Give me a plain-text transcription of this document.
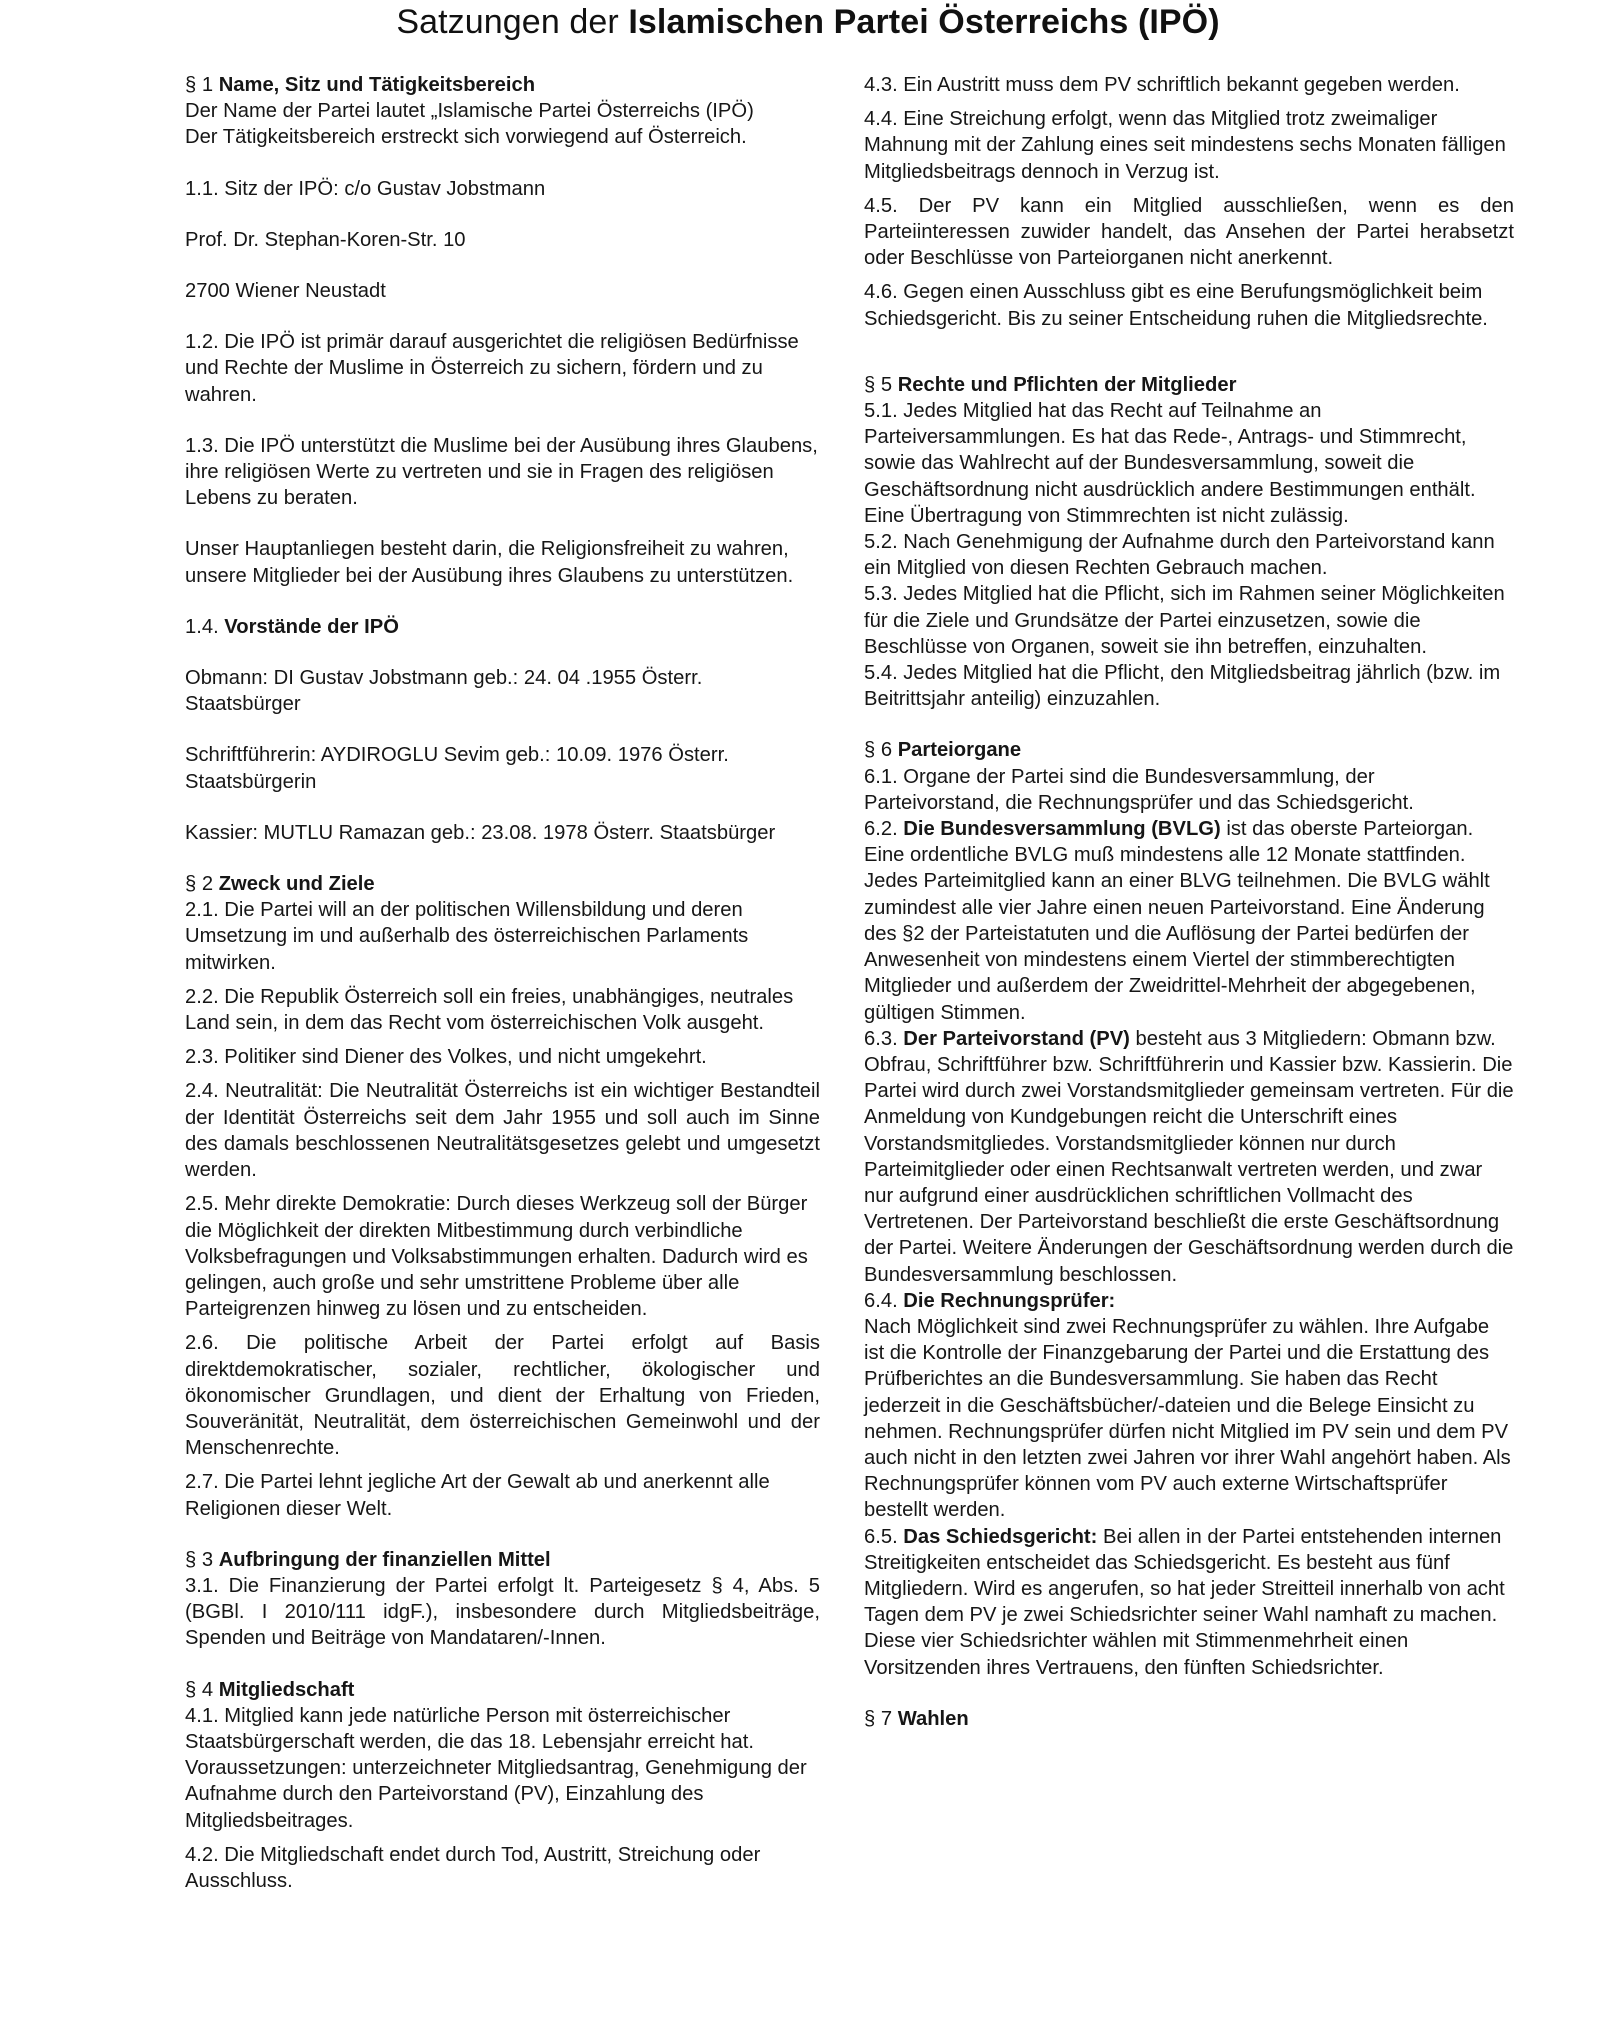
Satzungen der Islamischen Partei Österreichs (IPÖ)

§ 1 Name, Sitz und Tätigkeitsbereich

Der Name der Partei lautet „Islamische Partei Österreichs (IPÖ)

Der Tätigkeitsbereich erstreckt sich vorwiegend auf Österreich.

1.1. Sitz der IPÖ: c/o Gustav Jobstmann

Prof. Dr. Stephan-Koren-Str. 10

2700 Wiener Neustadt

1.2. Die IPÖ ist primär darauf ausgerichtet die religiösen Bedürfnisse und Rechte der Muslime in Österreich zu sichern, fördern und zu wahren.

1.3. Die IPÖ unterstützt die Muslime bei der Ausübung ihres Glaubens, ihre religiösen Werte zu vertreten und sie in Fragen des religiösen Lebens zu beraten.

Unser Hauptanliegen besteht darin, die Religionsfreiheit zu wahren, unsere Mitglieder bei der Ausübung ihres Glaubens zu unterstützen.

1.4. Vorstände der IPÖ

Obmann: DI Gustav Jobstmann geb.: 24. 04 .1955 Österr. Staatsbürger

Schriftführerin: AYDIROGLU Sevim geb.: 10.09. 1976 Österr. Staatsbürgerin

Kassier: MUTLU Ramazan geb.: 23.08. 1978 Österr. Staatsbürger

§ 2 Zweck und Ziele

2.1. Die Partei will an der politischen Willensbildung und deren Umsetzung im und außerhalb des österreichischen Parlaments mitwirken.

2.2. Die Republik Österreich soll ein freies, unabhängiges, neutrales Land sein, in dem das Recht vom österreichischen Volk ausgeht.

2.3. Politiker sind Diener des Volkes, und nicht umgekehrt.

2.4. Neutralität: Die Neutralität Österreichs ist ein wichtiger Bestandteil der Identität Österreichs seit dem Jahr 1955 und soll auch im Sinne des damals beschlossenen Neutralitätsgesetzes gelebt und umgesetzt werden.

2.5. Mehr direkte Demokratie: Durch dieses Werkzeug soll der Bürger die Möglichkeit der direkten Mitbestimmung durch verbindliche Volksbefragungen und Volksabstimmungen erhalten. Dadurch wird es gelingen, auch große und sehr umstrittene Probleme über alle Parteigrenzen hinweg zu lösen und zu entscheiden.

2.6. Die politische Arbeit der Partei erfolgt auf Basis direktdemokratischer, sozialer, rechtlicher, ökologischer und ökonomischer Grundlagen, und dient der Erhaltung von Frieden, Souveränität, Neutralität, dem österreichischen Gemeinwohl und der Menschenrechte.

2.7. Die Partei lehnt jegliche Art der Gewalt ab und anerkennt alle Religionen dieser Welt.

§ 3 Aufbringung der finanziellen Mittel

3.1. Die Finanzierung der Partei erfolgt lt. Parteigesetz § 4, Abs. 5 (BGBl. I 2010/111 idgF.), insbesondere durch Mitgliedsbeiträge, Spenden und Beiträge von Mandataren/-Innen.

§ 4 Mitgliedschaft

4.1. Mitglied kann jede natürliche Person mit österreichischer Staatsbürgerschaft werden, die das 18. Lebensjahr erreicht hat. Voraussetzungen: unterzeichneter Mitgliedsantrag, Genehmigung der Aufnahme durch den Parteivorstand (PV), Einzahlung des Mitgliedsbeitrages.

4.2. Die Mitgliedschaft endet durch Tod, Austritt, Streichung oder Ausschluss.

4.3. Ein Austritt muss dem PV schriftlich bekannt gegeben werden.

4.4. Eine Streichung erfolgt, wenn das Mitglied trotz zweimaliger Mahnung mit der Zahlung eines seit mindestens sechs Monaten fälligen Mitgliedsbeitrags dennoch in Verzug ist.

4.5. Der PV kann ein Mitglied ausschließen, wenn es den Parteiinteressen zuwider handelt, das Ansehen der Partei herabsetzt oder Beschlüsse von Parteiorganen nicht anerkennt.

4.6. Gegen einen Ausschluss gibt es eine Berufungsmöglichkeit beim Schiedsgericht. Bis zu seiner Entscheidung ruhen die Mitgliedsrechte.

§ 5 Rechte und Pflichten der Mitglieder

5.1. Jedes Mitglied hat das Recht auf Teilnahme an Parteiversammlungen. Es hat das Rede-, Antrags- und Stimmrecht, sowie das Wahlrecht auf der Bundesversammlung, soweit die Geschäftsordnung nicht ausdrücklich andere Bestimmungen enthält. Eine Übertragung von Stimmrechten ist nicht zulässig.

5.2. Nach Genehmigung der Aufnahme durch den Parteivorstand kann ein Mitglied von diesen Rechten Gebrauch machen.

5.3. Jedes Mitglied hat die Pflicht, sich im Rahmen seiner Möglichkeiten für die Ziele und Grundsätze der Partei einzusetzen, sowie die Beschlüsse von Organen, soweit sie ihn betreffen, einzuhalten.

5.4. Jedes Mitglied hat die Pflicht, den Mitgliedsbeitrag jährlich (bzw. im Beitrittsjahr anteilig) einzuzahlen.

§ 6 Parteiorgane

6.1. Organe der Partei sind die Bundesversammlung, der Parteivorstand, die Rechnungsprüfer und das Schiedsgericht.

6.2. Die Bundesversammlung (BVLG) ist das oberste Parteiorgan. Eine ordentliche BVLG muß mindestens alle 12 Monate stattfinden. Jedes Parteimitglied kann an einer BLVG teilnehmen. Die BVLG wählt zumindest alle vier Jahre einen neuen Parteivorstand. Eine Änderung des §2 der Parteistatuten und die Auflösung der Partei bedürfen der Anwesenheit von mindestens einem Viertel der stimmberechtigten Mitglieder und außerdem der Zweidrittel-Mehrheit der abgegebenen, gültigen Stimmen.

6.3. Der Parteivorstand (PV) besteht aus 3 Mitgliedern: Obmann bzw. Obfrau, Schriftführer bzw. Schriftführerin und Kassier bzw. Kassierin. Die Partei wird durch zwei Vorstandsmitglieder gemeinsam vertreten. Für die Anmeldung von Kundgebungen reicht die Unterschrift eines Vorstandsmitgliedes. Vorstandsmitglieder können nur durch Parteimitglieder oder einen Rechtsanwalt vertreten werden, und zwar nur aufgrund einer ausdrücklichen schriftlichen Vollmacht des Vertretenen. Der Parteivorstand beschließt die erste Geschäftsordnung der Partei. Weitere Änderungen der Geschäftsordnung werden durch die Bundesversammlung beschlossen.

6.4. Die Rechnungsprüfer:

Nach Möglichkeit sind zwei Rechnungsprüfer zu wählen. Ihre Aufgabe ist die Kontrolle der Finanzgebarung der Partei und die Erstattung des Prüfberichtes an die Bundesversammlung. Sie haben das Recht jederzeit in die Geschäftsbücher/-dateien und die Belege Einsicht zu nehmen. Rechnungsprüfer dürfen nicht Mitglied im PV sein und dem PV auch nicht in den letzten zwei Jahren vor ihrer Wahl angehört haben. Als Rechnungsprüfer können vom PV auch externe Wirtschaftsprüfer bestellt werden.

6.5. Das Schiedsgericht: Bei allen in der Partei entstehenden internen Streitigkeiten entscheidet das Schiedsgericht. Es besteht aus fünf Mitgliedern. Wird es angerufen, so hat jeder Streitteil innerhalb von acht Tagen dem PV je zwei Schiedsrichter seiner Wahl namhaft zu machen. Diese vier Schiedsrichter wählen mit Stimmenmehrheit einen Vorsitzenden ihres Vertrauens, den fünften Schiedsrichter.

§ 7 Wahlen
